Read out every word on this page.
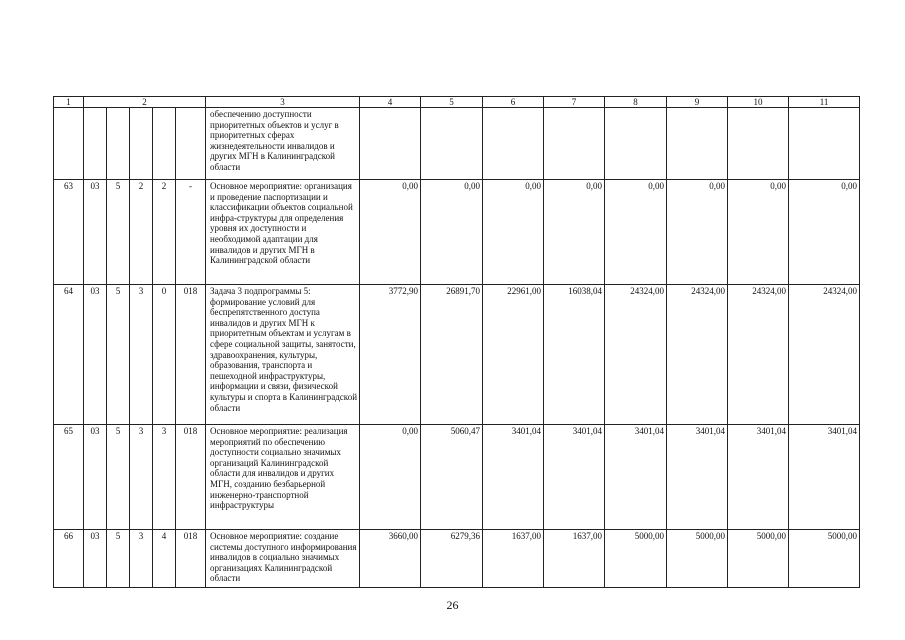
1	2					3	4	5	6	7	8	9	10	11
						обеспечению доступности приоритетных объектов и услуг в приоритетных сферах жизнедеятельности инвалидов и других МГН в Калининградской области								
63	03	5	2	2	-	Основное мероприятие: организация и проведение паспортизации и классификации объектов социальной инфра-структуры для определения уровня их доступности и необходимой адаптации для инвалидов и других МГН в Калининградской области	0,00	0,00	0,00	0,00	0,00	0,00	0,00	0,00
64	03	5	3	0	018	Задача 3 подпрограммы 5: формирование условий для беспрепятственного доступа инвалидов и других МГН к приоритетным объектам и услугам в сфере социальной защиты, занятости, здравоохранения, культуры, образования, транспорта и пешеходной инфраструктуры, информации и связи, физической культуры и спорта в Калининградской области	3772,90	26891,70	22961,00	16038,04	24324,00	24324,00	24324,00	24324,00
65	03	5	3	3	018	Основное мероприятие: реализация мероприятий по обеспечению доступности социально значимых организаций Калининградской области для инвалидов и других МГН, созданию безбарьерной инженерно-транспортной инфраструктуры	0,00	5060,47	3401,04	3401,04	3401,04	3401,04	3401,04	3401,04
66	03	5	3	4	018	Основное мероприятие: создание системы доступного информирования инвалидов в социально значимых организациях Калининградской области	3660,00	6279,36	1637,00	1637,00	5000,00	5000,00	5000,00	5000,00
26
